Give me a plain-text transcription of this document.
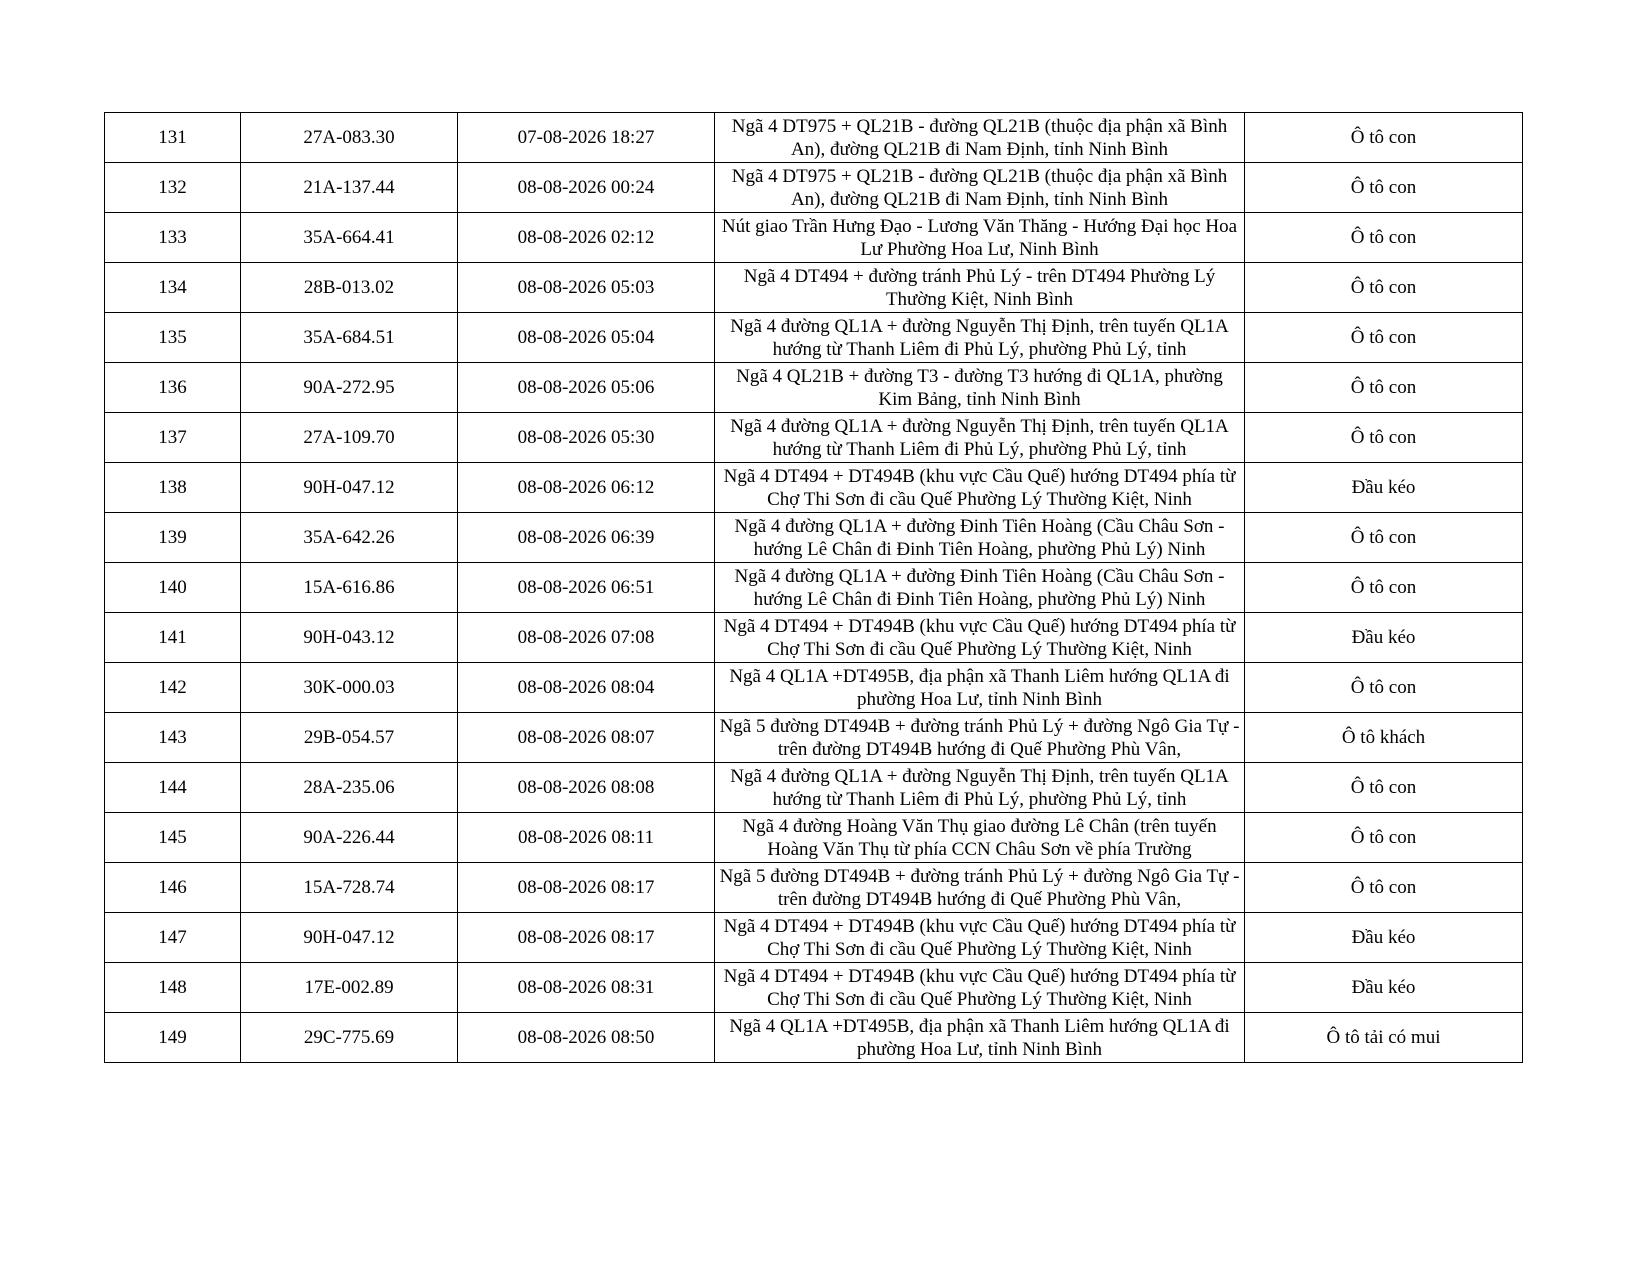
131	27A-083.30	07-08-2026 18:27	Ngã 4 DT975 + QL21B - đường QL21B (thuộc địa phận xã Bình An), đường QL21B đi Nam Định, tỉnh Ninh Bình	Ô tô con
132	21A-137.44	08-08-2026 00:24	Ngã 4 DT975 + QL21B - đường QL21B (thuộc địa phận xã Bình An), đường QL21B đi Nam Định, tỉnh Ninh Bình	Ô tô con
133	35A-664.41	08-08-2026 02:12	Nút giao Trần Hưng Đạo - Lương Văn Thăng - Hướng Đại học Hoa Lư Phường Hoa Lư, Ninh Bình	Ô tô con
134	28B-013.02	08-08-2026 05:03	Ngã 4 DT494 + đường tránh Phủ Lý - trên DT494 Phường Lý Thường Kiệt, Ninh Bình	Ô tô con
135	35A-684.51	08-08-2026 05:04	Ngã 4 đường QL1A + đường Nguyễn Thị Định, trên tuyến QL1A hướng từ Thanh Liêm đi Phủ Lý, phường Phủ Lý, tỉnh	Ô tô con
136	90A-272.95	08-08-2026 05:06	Ngã 4 QL21B + đường T3 - đường T3 hướng đi QL1A, phường Kim Bảng, tỉnh Ninh Bình	Ô tô con
137	27A-109.70	08-08-2026 05:30	Ngã 4 đường QL1A + đường Nguyễn Thị Định, trên tuyến QL1A hướng từ Thanh Liêm đi Phủ Lý, phường Phủ Lý, tỉnh	Ô tô con
138	90H-047.12	08-08-2026 06:12	Ngã 4 DT494 + DT494B (khu vực Cầu Quế) hướng DT494 phía từ Chợ Thi Sơn đi cầu Quế Phường Lý Thường Kiệt, Ninh	Đầu kéo
139	35A-642.26	08-08-2026 06:39	Ngã 4 đường QL1A + đường Đinh Tiên Hoàng (Cầu Châu Sơn - hướng Lê Chân đi Đinh Tiên Hoàng, phường Phủ Lý) Ninh	Ô tô con
140	15A-616.86	08-08-2026 06:51	Ngã 4 đường QL1A + đường Đinh Tiên Hoàng (Cầu Châu Sơn - hướng Lê Chân đi Đinh Tiên Hoàng, phường Phủ Lý) Ninh	Ô tô con
141	90H-043.12	08-08-2026 07:08	Ngã 4 DT494 + DT494B (khu vực Cầu Quế) hướng DT494 phía từ Chợ Thi Sơn đi cầu Quế Phường Lý Thường Kiệt, Ninh	Đầu kéo
142	30K-000.03	08-08-2026 08:04	Ngã 4 QL1A +DT495B, địa phận xã Thanh Liêm hướng QL1A đi phường Hoa Lư, tỉnh Ninh Bình	Ô tô con
143	29B-054.57	08-08-2026 08:07	Ngã 5 đường DT494B + đường tránh Phủ Lý + đường Ngô Gia Tự - trên đường DT494B hướng đi Quế Phường Phù Vân,	Ô tô khách
144	28A-235.06	08-08-2026 08:08	Ngã 4 đường QL1A + đường Nguyễn Thị Định, trên tuyến QL1A hướng từ Thanh Liêm đi Phủ Lý, phường Phủ Lý, tỉnh	Ô tô con
145	90A-226.44	08-08-2026 08:11	Ngã 4 đường Hoàng Văn Thụ giao đường Lê Chân (trên tuyến Hoàng Văn Thụ từ phía CCN Châu Sơn về phía Trường	Ô tô con
146	15A-728.74	08-08-2026 08:17	Ngã 5 đường DT494B + đường tránh Phủ Lý + đường Ngô Gia Tự - trên đường DT494B hướng đi Quế Phường Phù Vân,	Ô tô con
147	90H-047.12	08-08-2026 08:17	Ngã 4 DT494 + DT494B (khu vực Cầu Quế) hướng DT494 phía từ Chợ Thi Sơn đi cầu Quế Phường Lý Thường Kiệt, Ninh	Đầu kéo
148	17E-002.89	08-08-2026 08:31	Ngã 4 DT494 + DT494B (khu vực Cầu Quế) hướng DT494 phía từ Chợ Thi Sơn đi cầu Quế Phường Lý Thường Kiệt, Ninh	Đầu kéo
149	29C-775.69	08-08-2026 08:50	Ngã 4 QL1A +DT495B, địa phận xã Thanh Liêm hướng QL1A đi phường Hoa Lư, tỉnh Ninh Bình	Ô tô tải có mui
